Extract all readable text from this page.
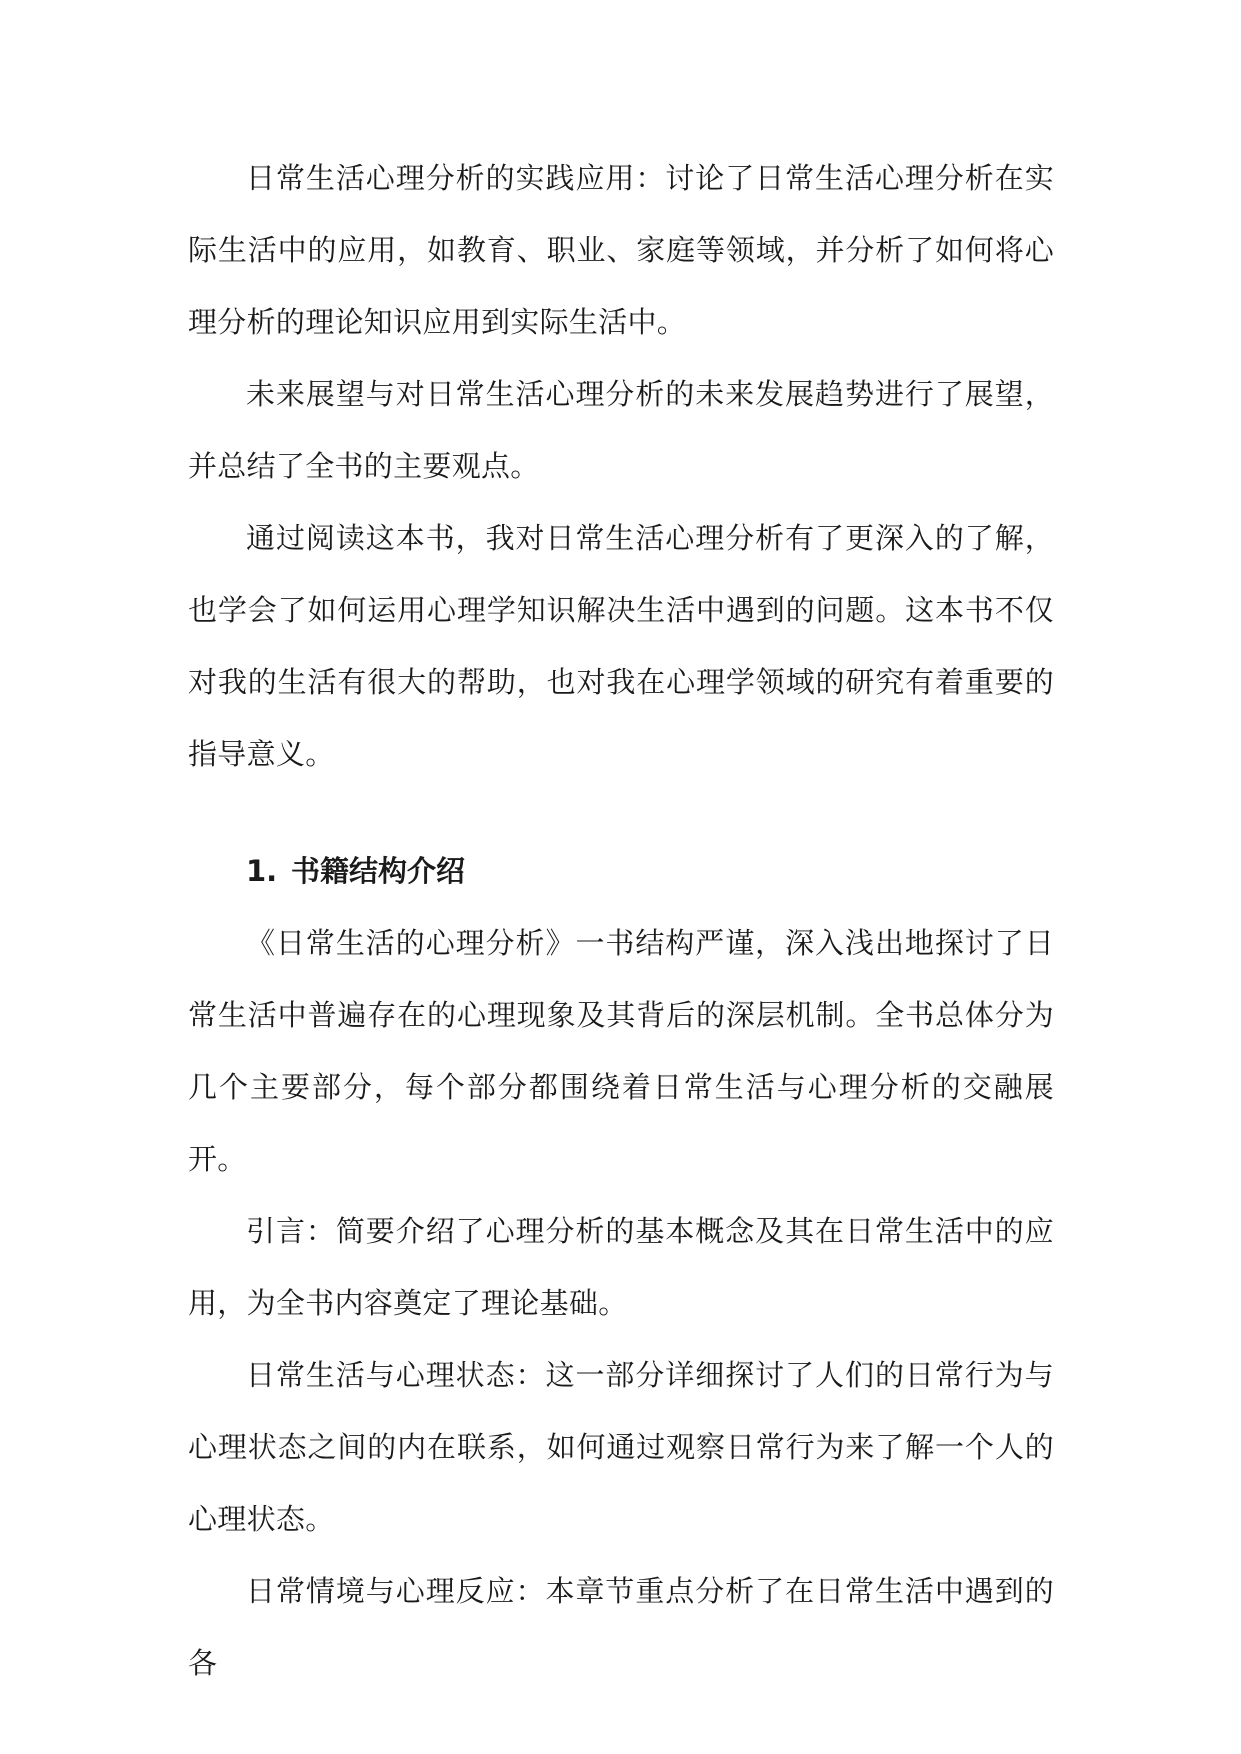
日常生活心理分析的实践应用：讨论了日常生活心理分析在实际生活中的应用，如教育、职业、家庭等领域，并分析了如何将心理分析的理论知识应用到实际生活中。

未来展望与对日常生活心理分析的未来发展趋势进行了展望，并总结了全书的主要观点。

通过阅读这本书，我对日常生活心理分析有了更深入的了解，也学会了如何运用心理学知识解决生活中遇到的问题。这本书不仅对我的生活有很大的帮助，也对我在心理学领域的研究有着重要的指导意义。

1. 书籍结构介绍

《日常生活的心理分析》一书结构严谨，深入浅出地探讨了日常生活中普遍存在的心理现象及其背后的深层机制。全书总体分为几个主要部分，每个部分都围绕着日常生活与心理分析的交融展开。

引言：简要介绍了心理分析的基本概念及其在日常生活中的应用，为全书内容奠定了理论基础。

日常生活与心理状态：这一部分详细探讨了人们的日常行为与心理状态之间的内在联系，如何通过观察日常行为来了解一个人的心理状态。

日常情境与心理反应：本章节重点分析了在日常生活中遇到的各
